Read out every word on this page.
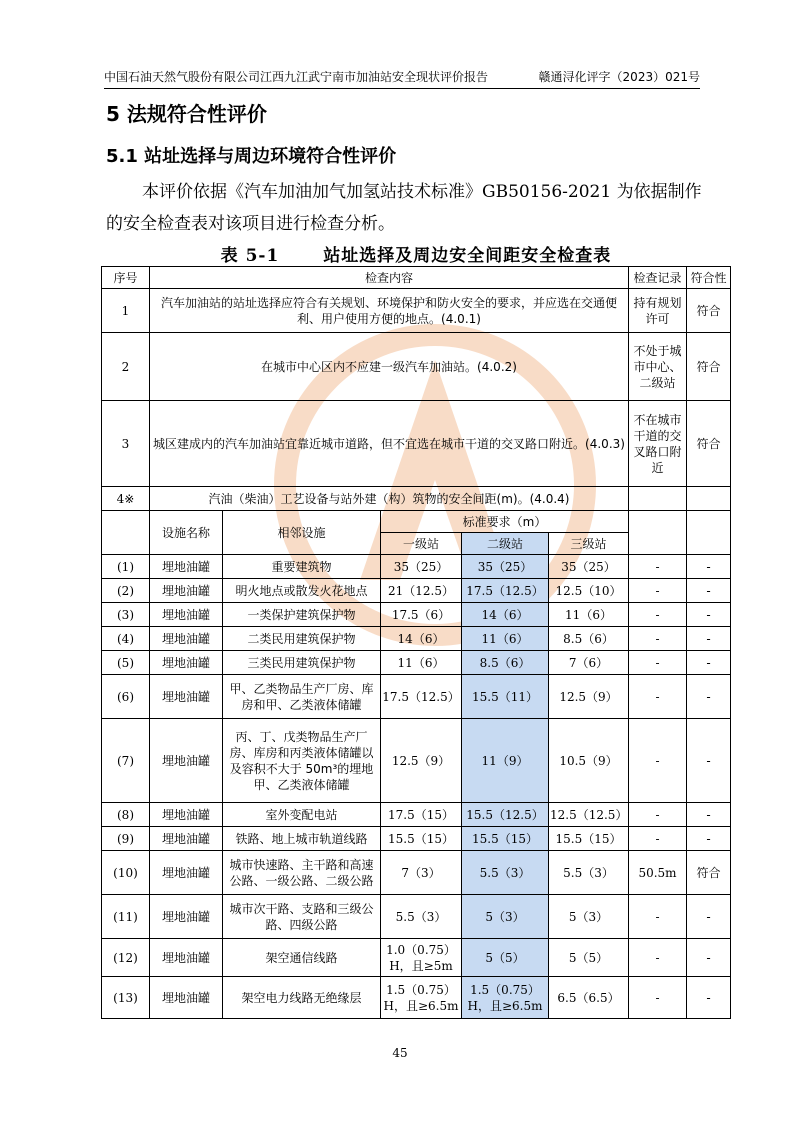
中国石油天然气股份有限公司江西九江武宁南市加油站安全现状评价报告	赣通浔化评字（2023）021号
5 法规符合性评价
5.1 站址选择与周边环境符合性评价
本评价依据《汽车加油加气加氢站技术标准》GB50156-2021 为依据制作的安全检查表对该项目进行检查分析。
表 5-1	站址选择及周边安全间距安全检查表
序号	检查内容					检查记录	符合性
1	汽车加油站的站址选择应符合有关规划、环境保护和防火安全的要求，并应选在交通便利、用户使用方便的地点。(4.0.1)					持有规划许可	符合
2	在城市中心区内不应建一级汽车加油站。(4.0.2)					不处于城市中心、二级站	符合
3	城区建成内的汽车加油站宜靠近城市道路，但不宜选在城市干道的交叉路口附近。(4.0.3)					不在城市干道的交叉路口附近	符合
4※	汽油（柴油）工艺设备与站外建（构）筑物的安全间距(m)。(4.0.4)						
	设施名称	相邻设施	标准要求（m）				
			一级站	二级站	三级站		
(1)	埋地油罐	重要建筑物	35（25）	35（25）	35（25）	-	-
(2)	埋地油罐	明火地点或散发火花地点	21（12.5）	17.5（12.5）	12.5（10）	-	-
(3)	埋地油罐	一类保护建筑保护物	17.5（6）	14（6）	11（6）	-	-
(4)	埋地油罐	二类民用建筑保护物	14（6）	11（6）	8.5（6）	-	-
(5)	埋地油罐	三类民用建筑保护物	11（6）	8.5（6）	7（6）	-	-
(6)	埋地油罐	甲、乙类物品生产厂房、库房和甲、乙类液体储罐	17.5（12.5）	15.5（11）	12.5（9）	-	-
(7)	埋地油罐	丙、丁、戊类物品生产厂房、库房和丙类液体储罐以及容积不大于 50m³的埋地甲、乙类液体储罐	12.5（9）	11（9）	10.5（9）	-	-
(8)	埋地油罐	室外变配电站	17.5（15）	15.5（12.5）	12.5（12.5）	-	-
(9)	埋地油罐	铁路、地上城市轨道线路	15.5（15）	15.5（15）	15.5（15）	-	-
(10)	埋地油罐	城市快速路、主干路和高速公路、一级公路、二级公路	7（3）	5.5（3）	5.5（3）	50.5m	符合
(11)	埋地油罐	城市次干路、支路和三级公路、四级公路	5.5（3）	5（3）	5（3）	-	-
(12)	埋地油罐	架空通信线路	1.0（0.75）H，且≥5m	5（5）	5（5）	-	-
(13)	埋地油罐	架空电力线路无绝缘层	1.5（0.75）H，且≥6.5m	1.5（0.75）H，且≥6.5m	6.5（6.5）	-	-
45
